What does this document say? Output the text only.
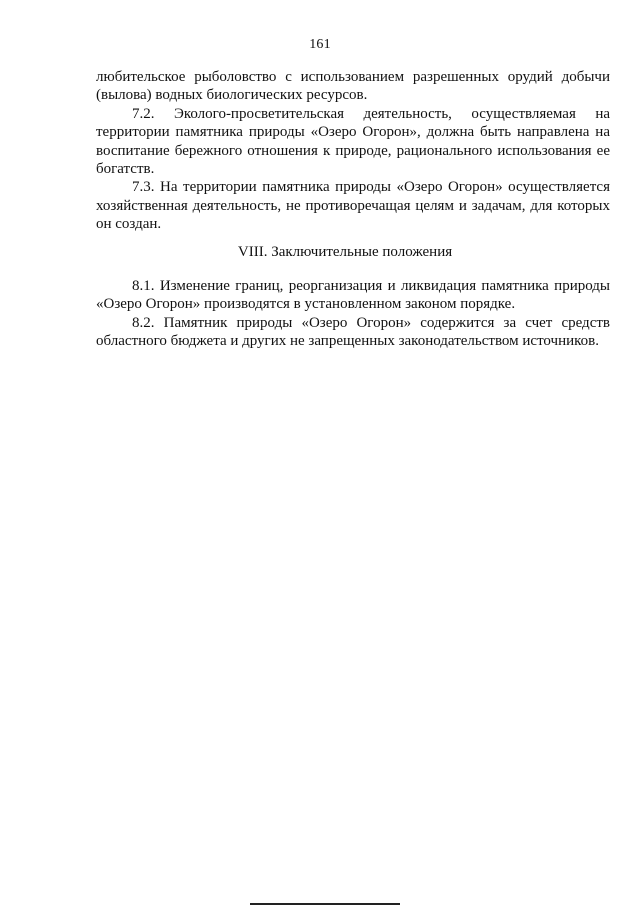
161

любительское рыболовство с использованием разрешенных орудий добычи (вылова) водных биологических ресурсов.

7.2. Эколого-просветительская деятельность, осуществляемая на территории памятника природы «Озеро Огорон», должна быть направлена на воспитание бережного отношения к природе, рационального использования ее богатств.

7.3. На территории памятника природы «Озеро Огорон» осуществляется хозяйственная деятельность, не противоречащая целям и задачам, для которых он создан.

VIII. Заключительные положения

8.1. Изменение границ, реорганизация и ликвидация памятника природы «Озеро Огорон» производятся в установленном законом порядке.

8.2. Памятник природы «Озеро Огорон» содержится за счет средств областного бюджета и других не запрещенных законодательством источников.
